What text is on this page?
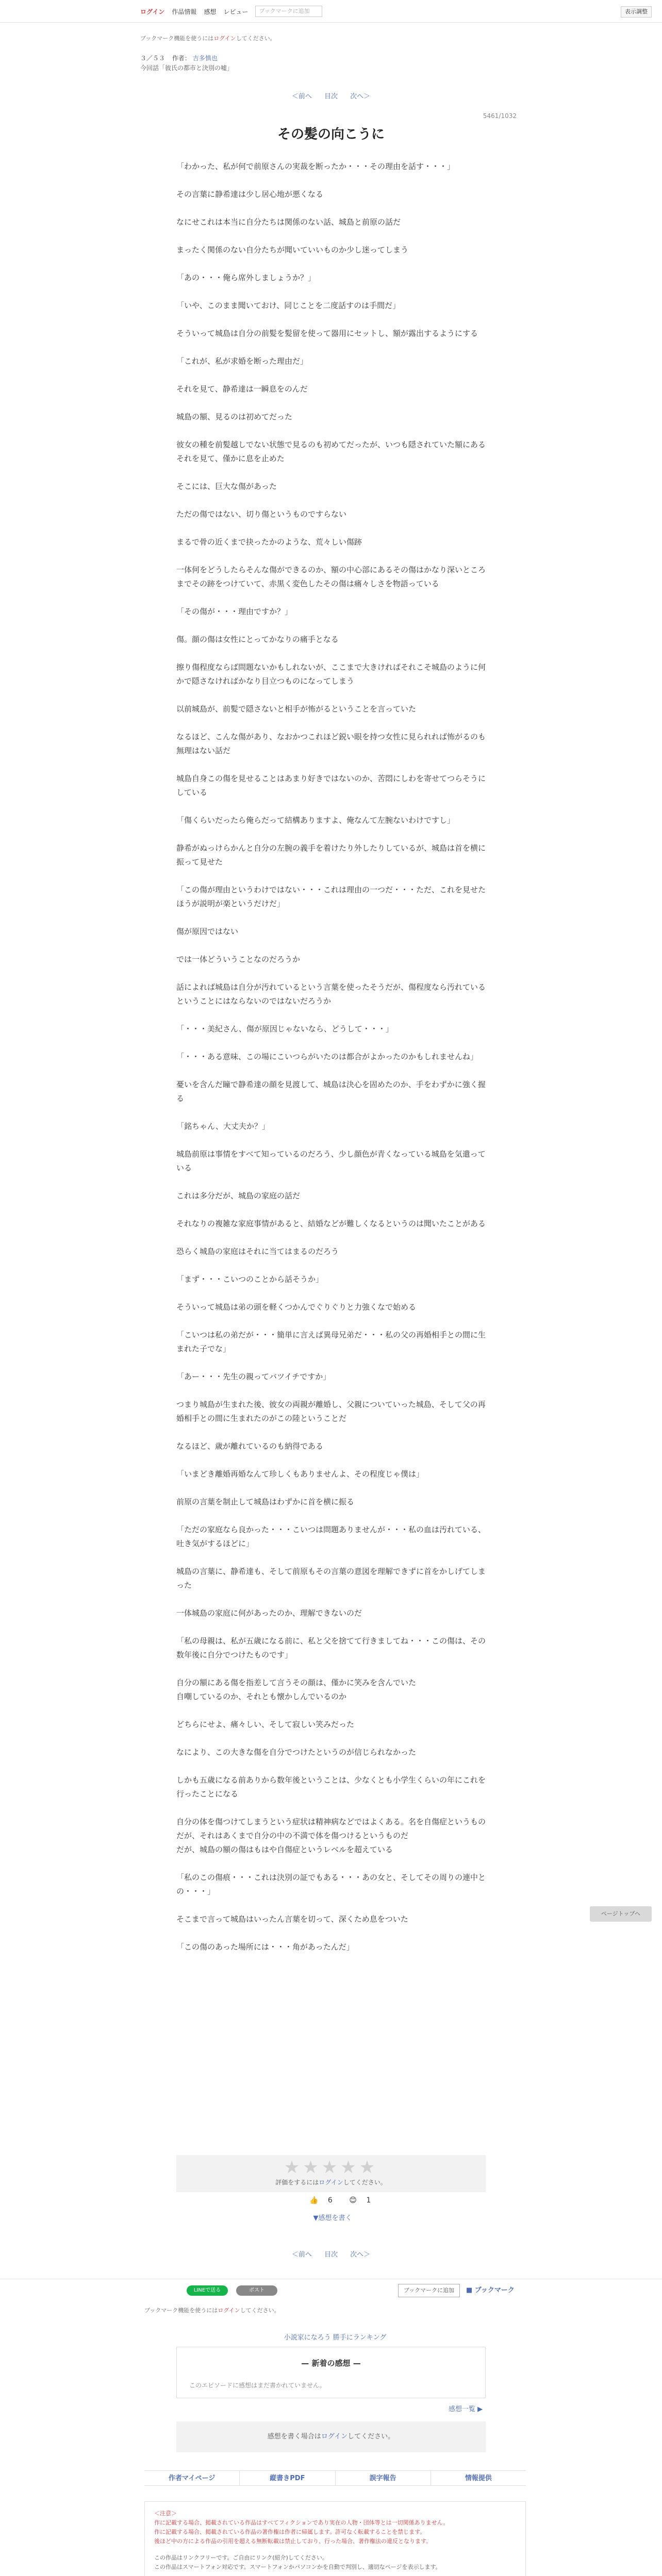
ログイン 作品情報 感想 レビュー	ブックマークに追加	表示調整
ブックマーク機能を使うにはログインしてください。
３／５３ 作者： 吉多慎也
今回話「彼氏の都市と決別の嘘」
＜前へ 目次 次へ＞
5461/1032
その髪の向こうに

「わかった、私が何で前原さんの実裁を断ったか・・・その理由を話す・・・」

その言葉に静希達は少し居心地が悪くなる

なにせこれは本当に自分たちは関係のない話、城島と前原の話だ

まったく関係のない自分たちが聞いていいものか少し迷ってしまう

「あの・・・俺ら席外しましょうか？」

「いや、このまま聞いておけ、同じことを二度話すのは手間だ」

そういって城島は自分の前髪を髪留を使って器用にセットし、額が露出するようにする

「これが、私が求婚を断った理由だ」

それを見て、静希達は一瞬息をのんだ

城島の額、見るのは初めてだった

彼女の種を前髪越しでない状態で見るのも初めてだったが、いつも隠されていた額にあるそれを見て、僅かに息を止めた

そこには、巨大な傷があった

ただの傷ではない、切り傷というものですらない

まるで骨の近くまで抉ったかのような、荒々しい傷跡

一体何をどうしたらそんな傷ができるのか、額の中心部にあるその傷はかなり深いところまでその跡をつけていて、赤黒く変色したその傷は痛々しさを物語っている

「その傷が・・・理由ですか？」

傷。顔の傷は女性にとってかなりの痛手となる

擦り傷程度ならば問題ないかもしれないが、ここまで大きければそれこそ城島のように何かで隠さなければかなり目立つものになってしまう

以前城島が、前髪で隠さないと相手が怖がるということを言っていた

なるほど、こんな傷があり、なおかつこれほど鋭い眼を持つ女性に見られれば怖がるのも無理はない話だ

城島自身この傷を見せることはあまり好きではないのか、苦悶にしわを寄せてつらそうにしている

「傷くらいだったら俺らだって結構ありますよ、俺なんて左腕ないわけですし」

静希がぬっけらかんと自分の左腕の義手を着けたり外したりしているが、城島は首を横に振って見せた

「この傷が理由というわけではない・・・これは理由の一つだ・・・ただ、これを見せたほうが説明が楽というだけだ」

傷が原因ではない

では一体どういうことなのだろうか

話によれば城島は自分が汚れているという言葉を使ったそうだが、傷程度なら汚れているということにはならないのではないだろうか

「・・・美紀さん、傷が原因じゃないなら、どうして・・・」

「・・・ある意味、この場にこいつらがいたのは都合がよかったのかもしれませんね」

憂いを含んだ瞳で静希達の顔を見渡して、城島は決心を固めたのか、手をわずかに強く握る

「銘ちゃん、大丈夫か？」

城島前原は事情をすべて知っているのだろう、少し顔色が青くなっている城島を気遣っている

これは多分だが、城島の家庭の話だ

それなりの複雑な家庭事情があると、結婚などが難しくなるというのは聞いたことがある

恐らく城島の家庭はそれに当てはまるのだろう

「まず・・・こいつのことから話そうか」

そういって城島は弟の頭を軽くつかんでぐりぐりと力強くなで始める

「こいつは私の弟だが・・・簡単に言えば異母兄弟だ・・・私の父の再婚相手との間に生まれた子でな」

「あー・・・先生の親ってバツイチですか」

つまり城島が生まれた後、彼女の両親が離婚し、父親についていった城島、そして父の再婚相手との間に生まれたのがこの陸ということだ

なるほど、歳が離れているのも納得である

「いまどき離婚再婚なんて珍しくもありませんよ、その程度じゃ僕は」

前原の言葉を制止して城島はわずかに首を横に振る

「ただの家庭なら良かった・・・こいつは問題ありませんが・・・私の血は汚れている、吐き気がするほどに」

城島の言葉に、静希達も、そして前原もその言葉の意図を理解できずに首をかしげてしまった

一体城島の家庭に何があったのか、理解できないのだ

「私の母親は、私が五歳になる前に、私と父を捨てて行きましてね・・・この傷は、その数年後に自分でつけたものです」

自分の額にある傷を指差して言うその顔は、僅かに笑みを含んでいた
自嘲しているのか、それとも懐かしんでいるのか

どちらにせよ、痛々しい、そして寂しい笑みだった

なにより、この大きな傷を自分でつけたというのが信じられなかった

しかも五歳になる前ありから数年後ということは、少なくとも小学生くらいの年にこれを行ったことになる

自分の体を傷つけてしまうという症状は精神病などではよくある。名を自傷症というものだが、それはあくまで自分の中の不満で体を傷つけるというものだ
だが、城島の額の傷はもはや自傷症というレベルを超えている

「私のこの傷痕・・・これは決別の証でもある・・・あの女と、そしてその周りの連中との・・・」

そこまで言って城島はいったん言葉を切って、深くため息をついた

「この傷のあった場所には・・・角があったんだ」

ページトップへ
★★★★★
評価をするにはログインしてください。
👍 6 😊 1
▼感想を書く
＜前へ 目次 次へ＞
LINEで送る	ポスト	ブックマークに追加	■ ブックマーク
ブックマーク機能を使うにはログインしてください。
小説家になろう 勝手にランキング
— 新着の感想 —
このエピソードに感想はまだ書かれていません。
感想一覧 ▶
感想を書く場合はログインしてください。
作者マイページ	縦書きPDF	誤字報告	情報提供
＜注意＞
作に記載する場合、掲載されている作品はすべてフィクションであり実在の人物・団体等とは一切関係ありません。
作に記載する場合、掲載されている作品の著作権は作者に帰属します。許可なく転載することを禁じます。
後ほど中の方による作品の引用を超える無断転載は禁止しており、行った場合、著作権法の違反となります。
この作品はリンクフリーです。ご自由にリンク(紹介)してください。
この作品はスマートフォン対応です。スマートフォンかパソコンかを自動で判別し、適切なページを表示します。
